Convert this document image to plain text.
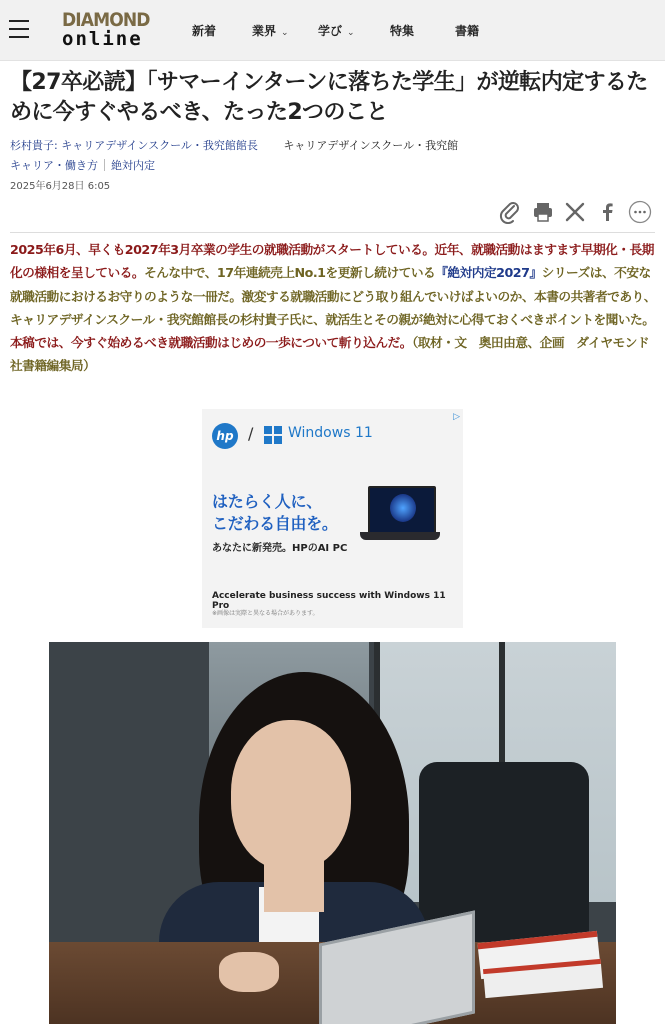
DIAMOND
online	新着	業界 ⌄ 学び ⌄	特集	書籍
【27卒必読】「サマーインターンに落ちた学生」が逆転内定するために今すぐやるべき、たった2つのこと
杉村貴子: キャリアデザインスクール・我究館館長 キャリアデザインスクール・我究館
キャリア・働き方 絶対内定
2025年6月28日 6:05
2025年6月、早くも2027年3月卒業の学生の就職活動がスタートしている。近年、就職活動はますます早期化・長期化の様相を呈している。そんな中で、17年連続売上No.1を更新し続けている『絶対内定2027』シリーズは、不安な就職活動におけるお守りのような一冊だ。激変する就職活動にどう取り組んでいけばよいのか、本書の共著者であり、キャリアデザインスクール・我究館館長の杉村貴子氏に、就活生とその親が絶対に心得ておくべきポイントを聞いた。本稿では、今すぐ始めるべき就職活動はじめの一歩について斬り込んだ。（取材・文　奥田由意、企画　ダイヤモンド社書籍編集局）
▷
hp / Windows 11
はたらく人に、
こだわる自由を。
あなたに新発売。HPのAI PC
Accelerate business success with Windows 11 Pro
※画像は実際と異なる場合があります。
